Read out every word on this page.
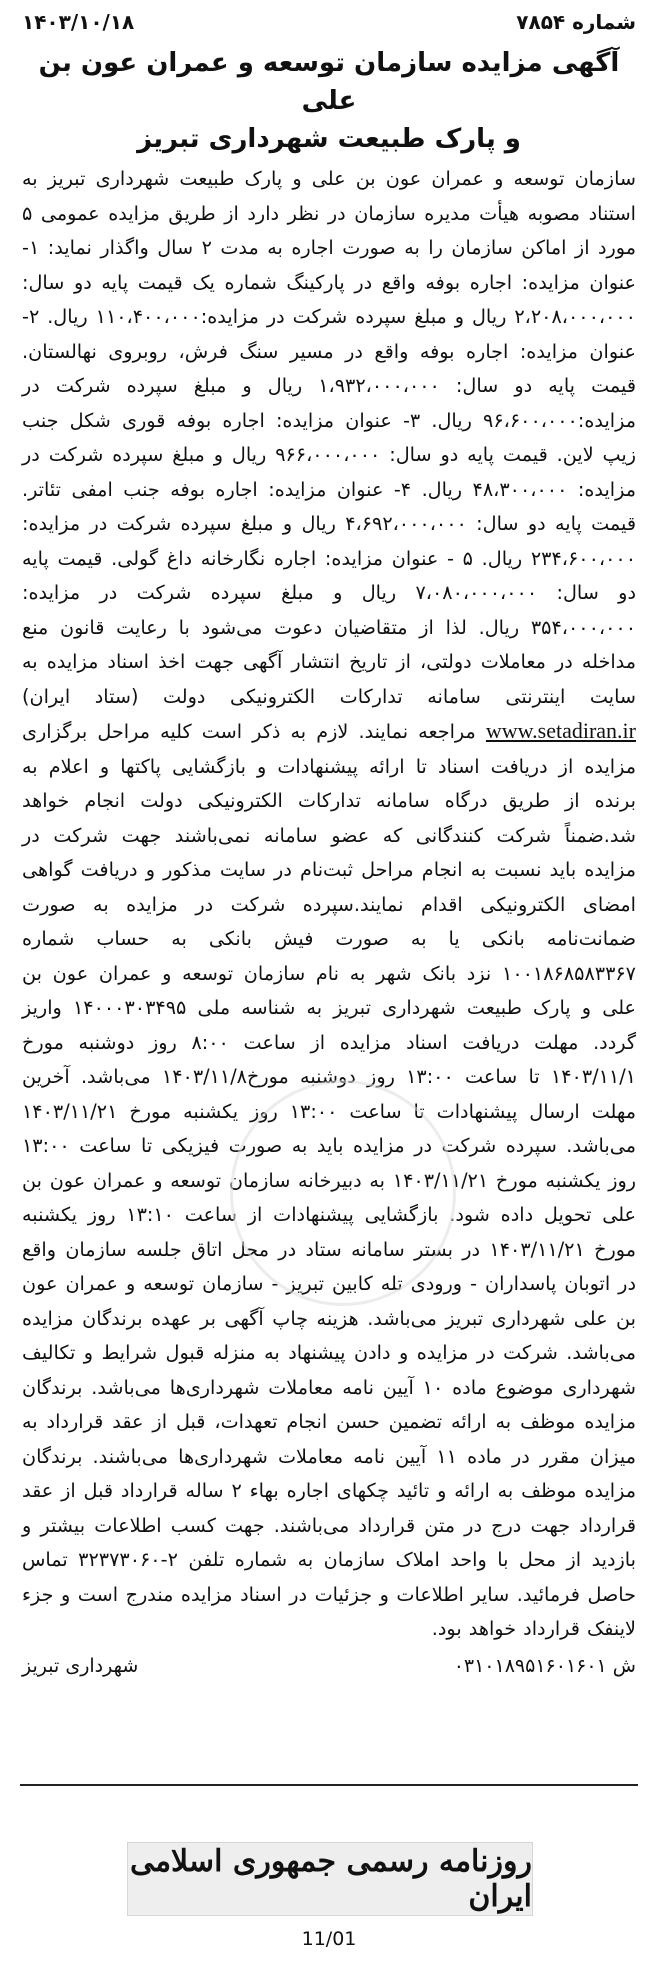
شماره ۷۸۵۴
۱۴۰۳/۱۰/۱۸
آگهی مزایده سازمان توسعه و عمران عون بن علی
و پارک طبیعت شهرداری تبریز
سازمان توسعه و عمران عون بن علی و پارک طبیعت شهرداری تبریز به استناد مصوبه هیأت مدیره سازمان در نظر دارد از طریق مزایده عمومی ۵ مورد از اماکن سازمان را به صورت اجاره به مدت ۲ سال واگذار نماید: ۱- عنوان مزایده: اجاره بوفه واقع در پارکینگ شماره یک قیمت پایه دو سال: ۲،۲۰۸،۰۰۰،۰۰۰ ریال و مبلغ سپرده شرکت در مزایده:۱۱۰،۴۰۰،۰۰۰ ریال. ۲- عنوان مزایده: اجاره بوفه واقع در مسیر سنگ فرش، روبروی نهالستان. قیمت پایه دو سال: ۱،۹۳۲،۰۰۰،۰۰۰ ریال و مبلغ سپرده شرکت در مزایده:۹۶،۶۰۰،۰۰۰ ریال. ۳- عنوان مزایده: اجاره بوفه قوری شکل جنب زیپ لاین. قیمت پایه دو سال: ۹۶۶،۰۰۰،۰۰۰ ریال و مبلغ سپرده شرکت در مزایده: ۴۸،۳۰۰،۰۰۰ ریال. ۴- عنوان مزایده: اجاره بوفه جنب امفی تئاتر. قیمت پایه دو سال: ۴،۶۹۲،۰۰۰،۰۰۰ ریال و مبلغ سپرده شرکت در مزایده: ۲۳۴،۶۰۰،۰۰۰ ریال. ۵ - عنوان مزایده: اجاره نگارخانه داغ گولی. قیمت پایه دو سال: ۷،۰۸۰،۰۰۰،۰۰۰ ریال و مبلغ سپرده شرکت در مزایده: ۳۵۴،۰۰۰،۰۰۰ ریال. لذا از متقاضیان دعوت می‌شود با رعایت قانون منع مداخله در معاملات دولتی، از تاریخ انتشار آگهی جهت اخذ اسناد مزایده به سایت اینترنتی سامانه تدارکات الکترونیکی دولت (ستاد ایران) www.setadiran.ir مراجعه نمایند. لازم به ذکر است کلیه مراحل برگزاری مزایده از دریافت اسناد تا ارائه پیشنهادات و بازگشایی پاکتها و اعلام به برنده از طریق درگاه سامانه تدارکات الکترونیکی دولت انجام خواهد شد.ضمناً شرکت کنندگانی که عضو سامانه نمی‌باشند جهت شرکت در مزایده باید نسبت به انجام مراحل ثبت‌نام در سایت مذکور و دریافت گواهی امضای الکترونیکی اقدام نمایند.سپرده شرکت در مزایده به صورت ضمانت‌نامه بانکی یا به صورت فیش بانکی به حساب شماره ۱۰۰۱۸۶۸۵۸۳۳۶۷ نزد بانک شهر به نام سازمان توسعه و عمران عون بن علی و پارک طبیعت شهرداری تبریز به شناسه ملی ۱۴۰۰۰۳۰۳۴۹۵ واریز گردد. مهلت دریافت اسناد مزایده از ساعت ۸:۰۰ روز دوشنبه مورخ ۱۴۰۳/۱۱/۱ تا ساعت ۱۳:۰۰ روز دوشنبه مورخ۱۴۰۳/۱۱/۸ می‌باشد. آخرین مهلت ارسال پیشنهادات تا ساعت ۱۳:۰۰ روز یکشنبه مورخ ۱۴۰۳/۱۱/۲۱ می‌باشد. سپرده شرکت در مزایده باید به صورت فیزیکی تا ساعت ۱۳:۰۰ روز یکشنبه مورخ ۱۴۰۳/۱۱/۲۱ به دبیرخانه سازمان توسعه و عمران عون بن علی تحویل داده شود. بازگشایی پیشنهادات از ساعت ۱۳:۱۰ روز یکشنبه مورخ ۱۴۰۳/۱۱/۲۱ در بستر سامانه ستاد در محل اتاق جلسه سازمان واقع در اتوبان پاسداران - ورودی تله کابین تبریز - سازمان توسعه و عمران عون بن علی شهرداری تبریز می‌باشد. هزینه چاپ آگهی بر عهده برندگان مزایده می‌باشد. شرکت در مزایده و دادن پیشنهاد به منزله قبول شرایط و تکالیف شهرداری موضوع ماده ۱۰ آیین نامه معاملات شهرداری‌ها می‌باشد. برندگان مزایده موظف به ارائه تضمین حسن انجام تعهدات، قبل از عقد قرارداد به میزان مقرر در ماده ۱۱ آیین نامه معاملات شهرداری‌ها می‌باشند. برندگان مزایده موظف به ارائه و تائید چکهای اجاره بهاء ۲ ساله قرارداد قبل از عقد قرارداد جهت درج در متن قرارداد می‌باشند. جهت کسب اطلاعات بیشتر و بازدید از محل با واحد املاک سازمان به شماره تلفن ۲-۳۲۳۷۳۰۶۰ تماس حاصل فرمائید. سایر اطلاعات و جزئیات در اسناد مزایده مندرج است و جزء لاینفک قرارداد خواهد بود.
ش ۰۳۱۰۱۸۹۵۱۶۰۱۶۰۱
شهرداری تبریز
روزنامه رسمی جمهوری اسلامی ایران
11/01
